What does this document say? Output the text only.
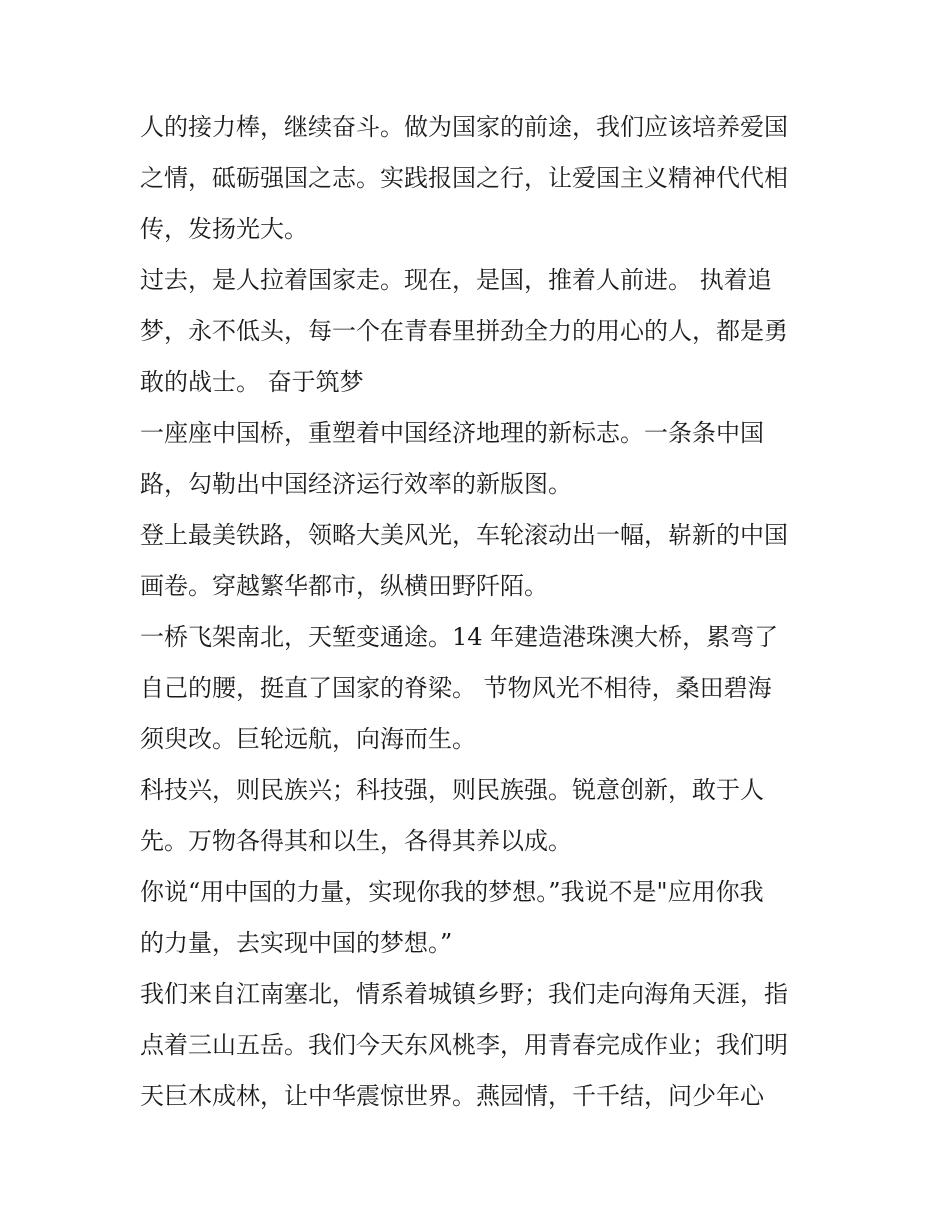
人的接力棒，继续奋斗。做为国家的前途，我们应该培养爱国
之情，砥砺强国之志。实践报国之行，让爱国主义精神代代相
传，发扬光大。
过去，是人拉着国家走。现在，是国，推着人前进。 执着追
梦，永不低头，每一个在青春里拼劲全力的用心的人，都是勇
敢的战士。 奋于筑梦
一座座中国桥，重塑着中国经济地理的新标志。一条条中国
路，勾勒出中国经济运行效率的新版图。
登上最美铁路，领略大美风光，车轮滚动出一幅，崭新的中国
画卷。穿越繁华都市，纵横田野阡陌。
一桥飞架南北，天堑变通途。14 年建造港珠澳大桥，累弯了
自己的腰，挺直了国家的脊梁。 节物风光不相待，桑田碧海
须臾改。巨轮远航，向海而生。
科技兴，则民族兴；科技强，则民族强。锐意创新，敢于人
先。万物各得其和以生，各得其养以成。
你说“用中国的力量，实现你我的梦想。”我说不是"应用你我
的力量，去实现中国的梦想。”
我们来自江南塞北，情系着城镇乡野；我们走向海角天涯，指
点着三山五岳。我们今天东风桃李，用青春完成作业；我们明
天巨木成林，让中华震惊世界。燕园情，千千结，问少年心
